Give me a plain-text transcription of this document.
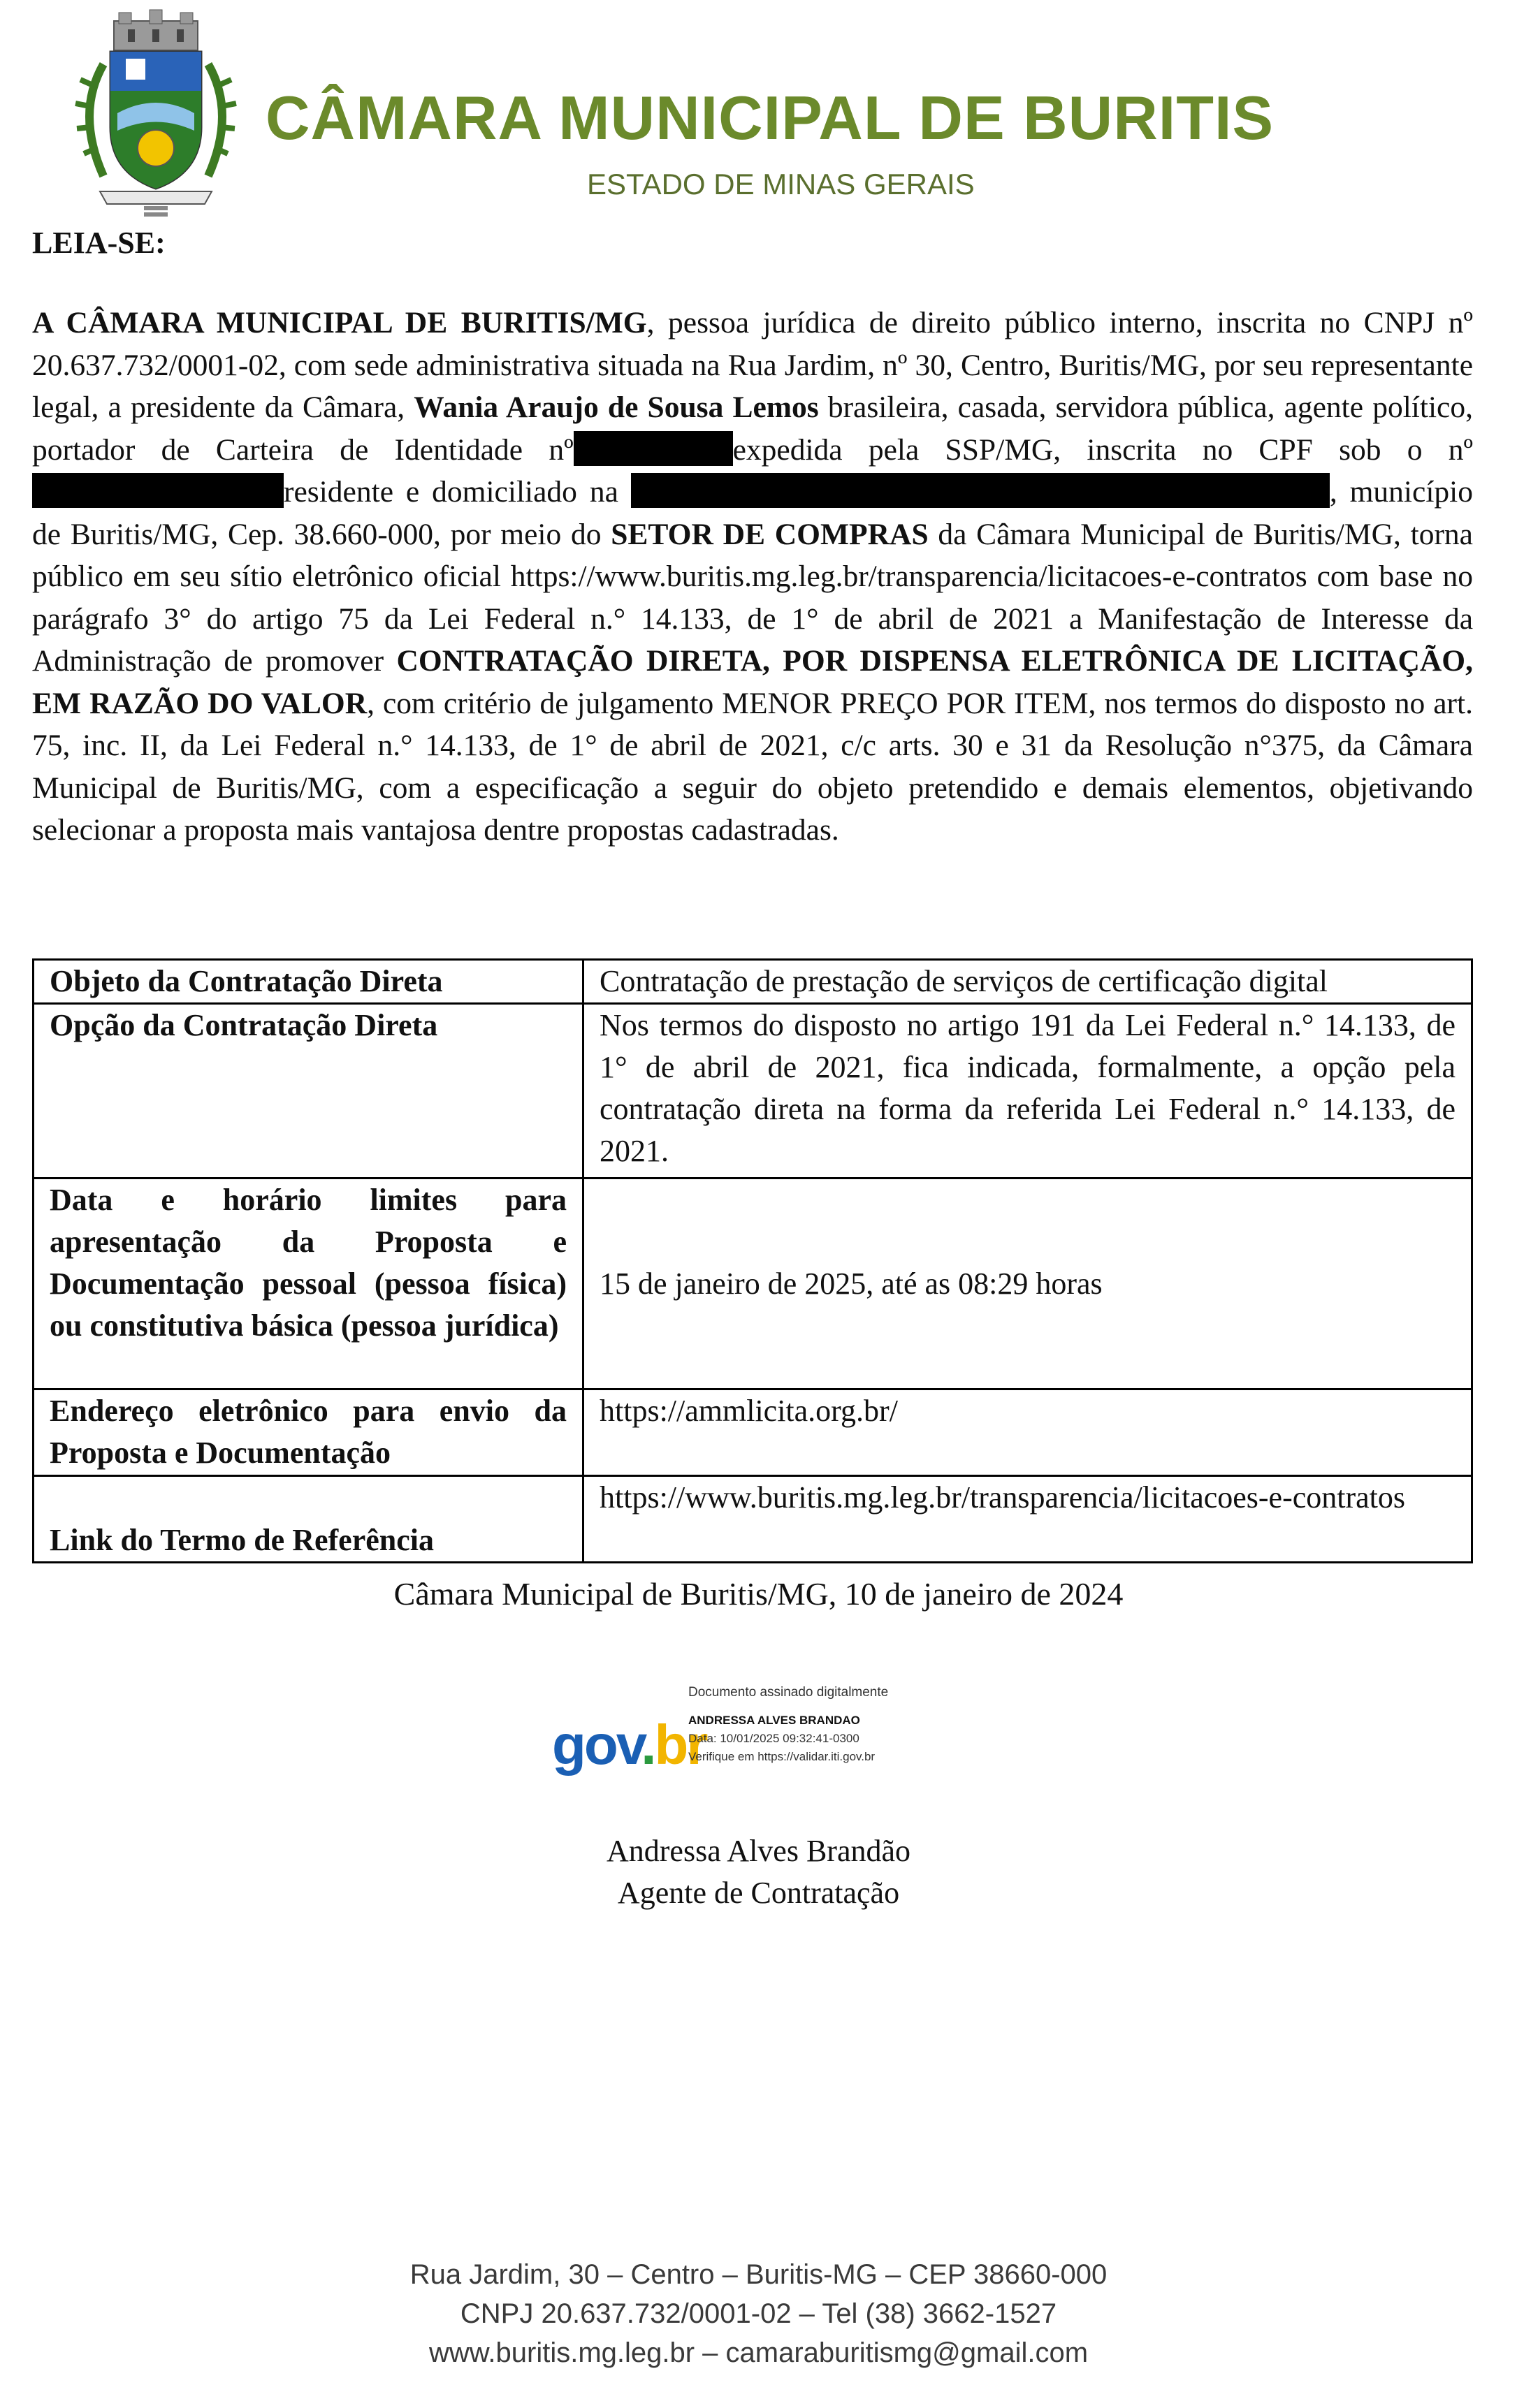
CÂMARA MUNICIPAL DE BURITIS
ESTADO DE MINAS GERAIS
LEIA-SE:
A CÂMARA MUNICIPAL DE BURITIS/MG, pessoa jurídica de direito público interno, inscrita no CNPJ nº 20.637.732/0001-02, com sede administrativa situada na Rua Jardim, nº 30, Centro, Buritis/MG, por seu representante legal, a presidente da Câmara, Wania Araujo de Sousa Lemos brasileira, casada, servidora pública, agente político, portador de Carteira de Identidade nº	expedida pela SSP/MG, inscrita no CPF sob o nº residente e domiciliado na	, município de Buritis/MG, Cep. 38.660-000, por meio do SETOR DE COMPRAS da Câmara Municipal de Buritis/MG, torna público em seu sítio eletrônico oficial https://www.buritis.mg.leg.br/transparencia/licitacoes-e-contratos com base no parágrafo 3° do artigo 75 da Lei Federal n.° 14.133, de 1° de abril de 2021 a Manifestação de Interesse da Administração de promover CONTRATAÇÃO DIRETA, POR DISPENSA ELETRÔNICA DE LICITAÇÃO, EM RAZÃO DO VALOR, com critério de julgamento MENOR PREÇO POR ITEM, nos termos do disposto no art. 75, inc. II, da Lei Federal n.° 14.133, de 1° de abril de 2021, c/c arts. 30 e 31 da Resolução n°375, da Câmara Municipal de Buritis/MG, com a especificação a seguir do objeto pretendido e demais elementos, objetivando selecionar a proposta mais vantajosa dentre propostas cadastradas.
Objeto da Contratação Direta	Contratação de prestação de serviços de certificação digital
Opção da Contratação Direta	Nos termos do disposto no artigo 191 da Lei Federal n.° 14.133, de 1° de abril de 2021, fica indicada, formalmente, a opção pela contratação direta na forma da referida Lei Federal n.° 14.133, de 2021.
Data e horário limites para apresentação da Proposta e Documentação pessoal (pessoa física) ou constitutiva básica (pessoa jurídica)	15 de janeiro de 2025, até as 08:29 horas
Endereço eletrônico para envio da Proposta e Documentação	https://ammlicita.org.br/
Link do Termo de Referência	https://www.buritis.mg.leg.br/transparencia/licitacoes-e-contratos
Câmara Municipal de Buritis/MG, 10 de janeiro de 2024
gov.br
Documento assinado digitalmente
ANDRESSA ALVES BRANDAO
Data: 10/01/2025 09:32:41-0300
Verifique em https://validar.iti.gov.br
Andressa Alves Brandão
Agente de Contratação
Rua Jardim, 30 – Centro – Buritis-MG – CEP 38660-000
CNPJ 20.637.732/0001-02 – Tel (38) 3662-1527
www.buritis.mg.leg.br – camaraburitismg@gmail.com
